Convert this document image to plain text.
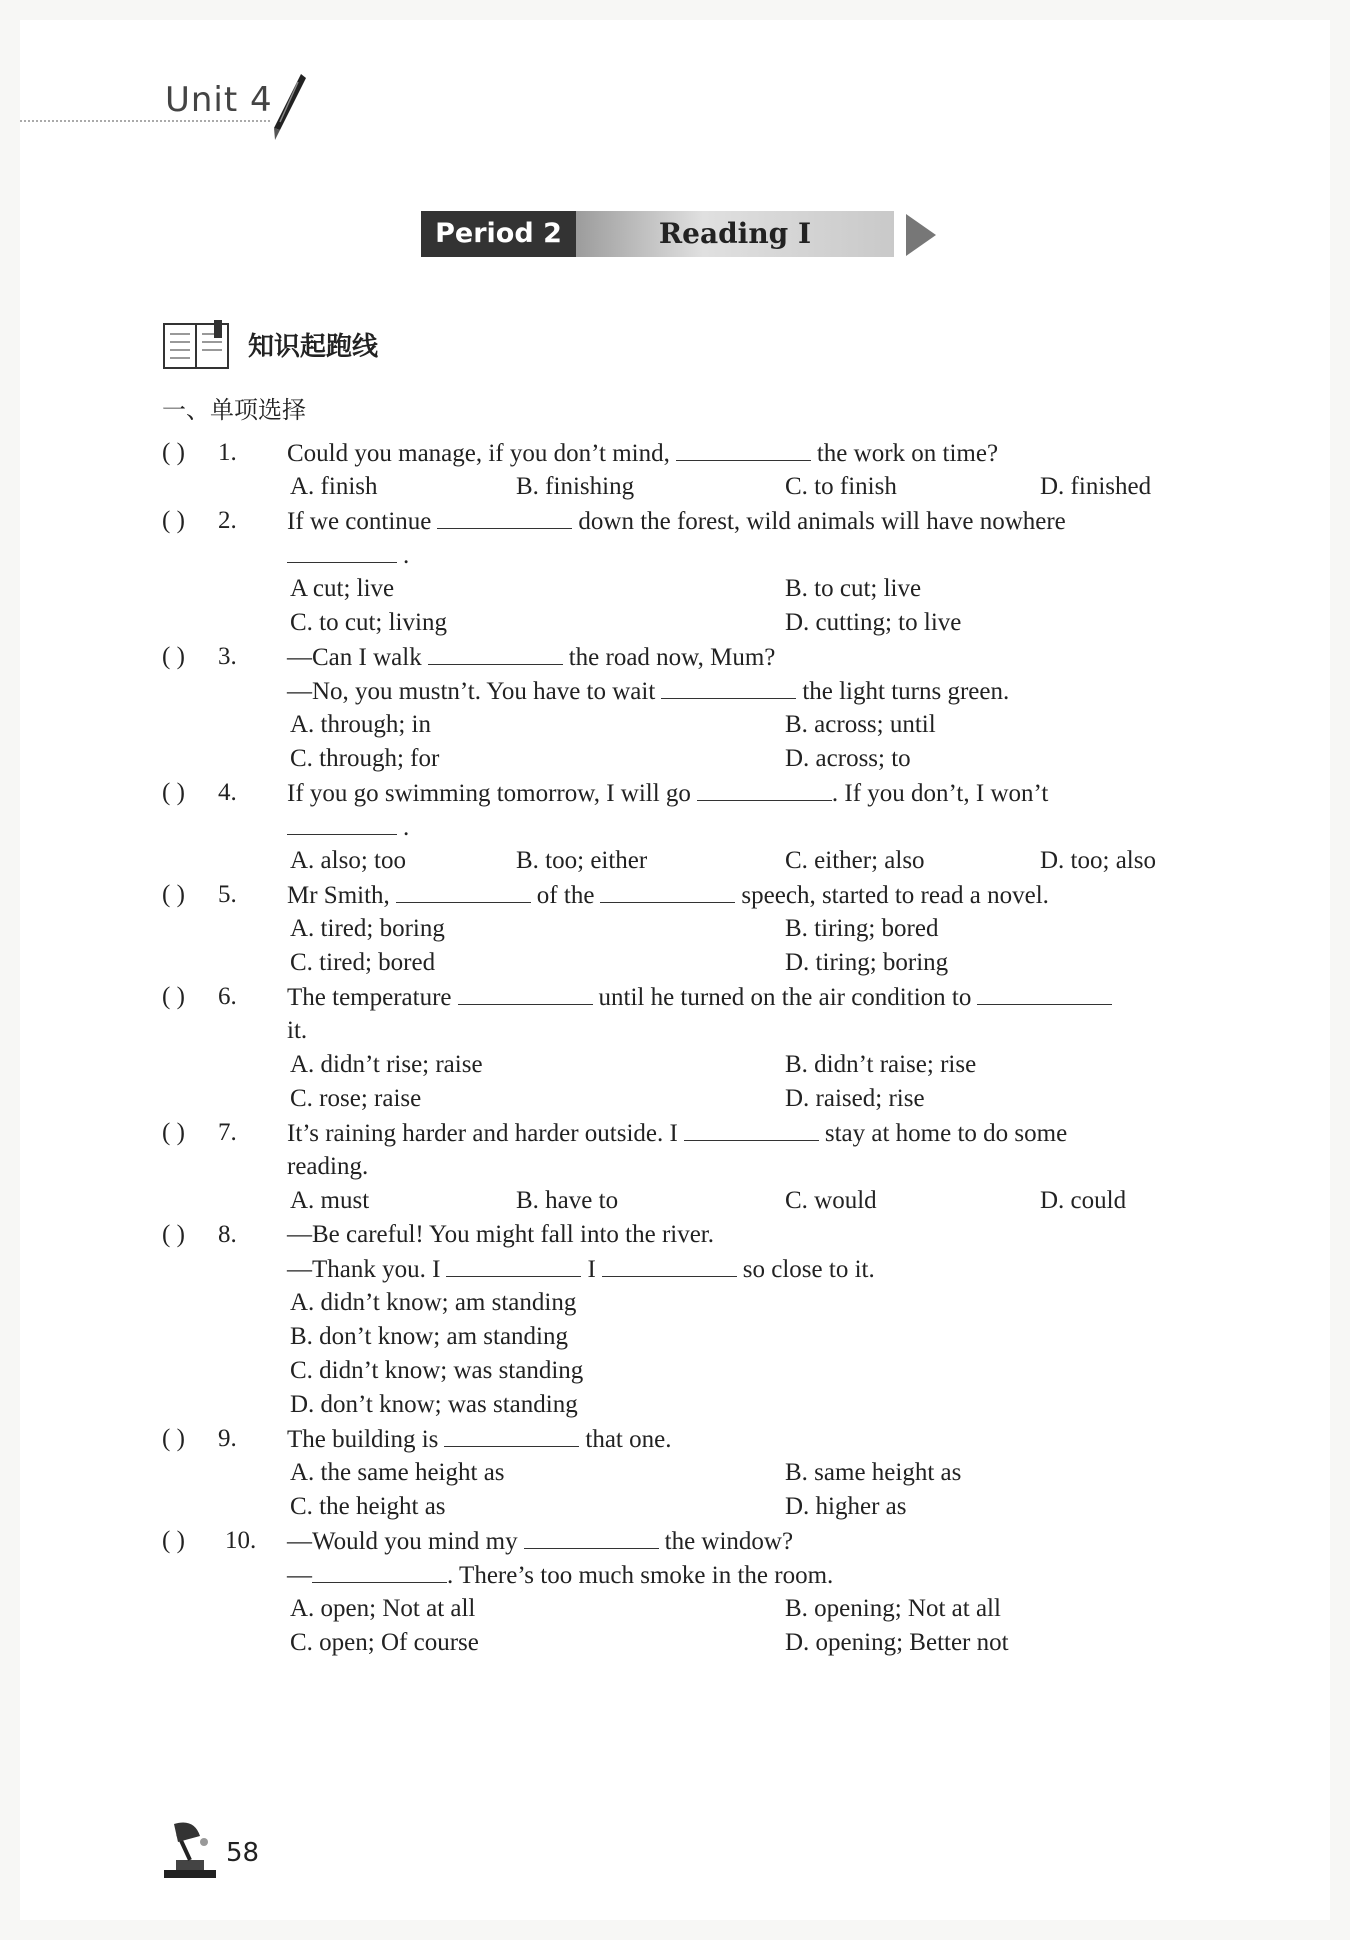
Unit 4
Period 2	Reading I
知识起跑线
一、单项选择
( ) 1. Could you manage, if you don’t mind,	the work on time?
A. finish	B. finishing	C. to finish	D. finished
( ) 2. If we continue	down the forest, wild animals will have nowhere
.
A cut; live	B. to cut; live
C. to cut; living	D. cutting; to live
( ) 3. —Can I walk	the road now, Mum?
—No, you mustn’t. You have to wait	the light turns green.
A. through; in	B. across; until
C. through; for	D. across; to
( ) 4. If you go swimming tomorrow, I will go	. If you don’t, I won’t
.
A. also; too	B. too; either	C. either; also	D. too; also
( ) 5. Mr Smith,	of the	speech, started to read a novel.
A. tired; boring	B. tiring; bored
C. tired; bored	D. tiring; boring
( ) 6. The temperature	until he turned on the air condition to
it.
A. didn’t rise; raise	B. didn’t raise; rise
C. rose; raise	D. raised; rise
( ) 7. It’s raining harder and harder outside. I	stay at home to do some
reading.
A. must	B. have to	C. would	D. could
( ) 8. —Be careful! You might fall into the river.
—Thank you. I	I	so close to it.
A. didn’t know; am standing
B. don’t know; am standing
C. didn’t know; was standing
D. don’t know; was standing
( ) 9. The building is	that one.
A. the same height as	B. same height as
C. the height as	D. higher as
( ) 10. —Would you mind my	the window?
—	. There’s too much smoke in the room.
A. open; Not at all	B. opening; Not at all
C. open; Of course	D. opening; Better not
58
